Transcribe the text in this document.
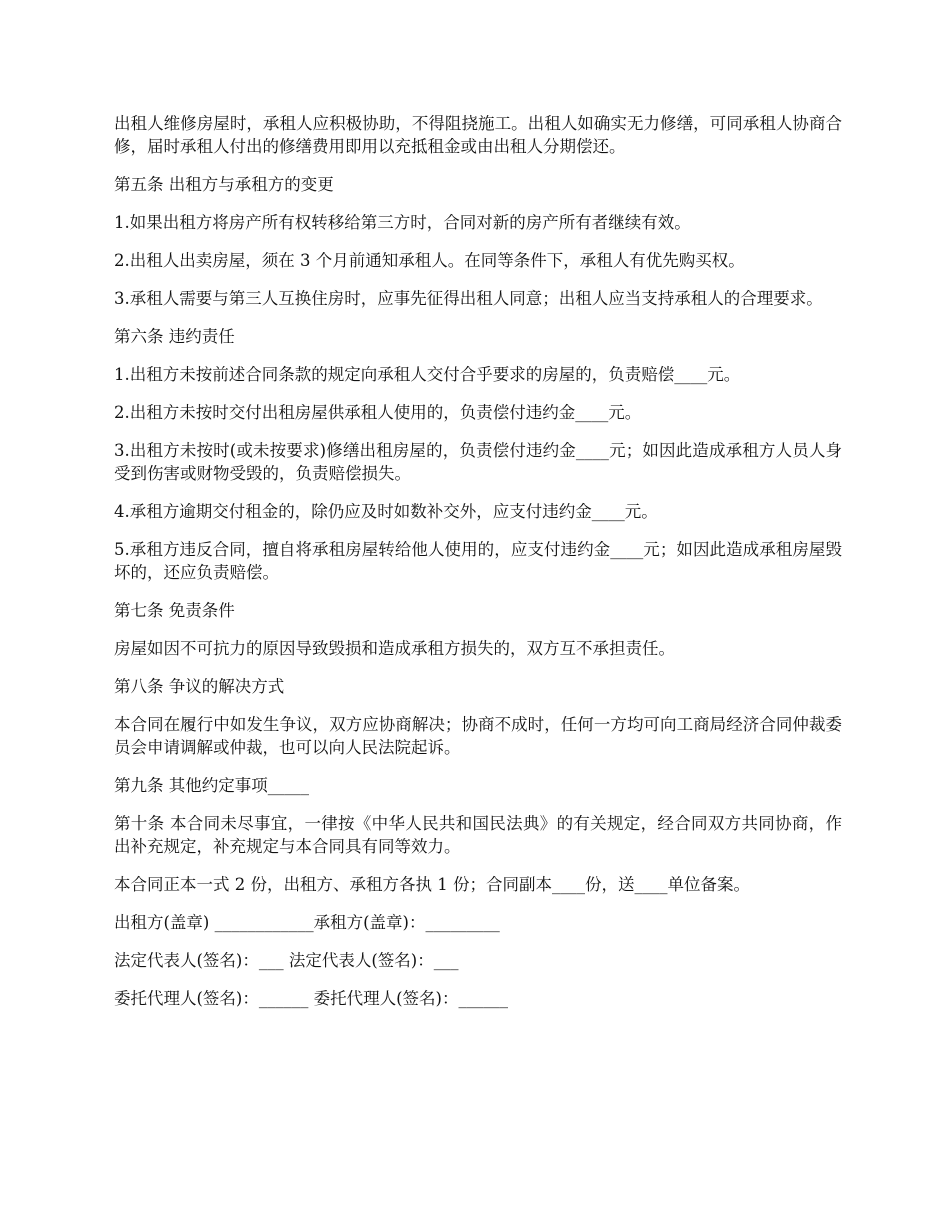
出租人维修房屋时，承租人应积极协助，不得阻挠施工。出租人如确实无力修缮，可同承租人协商合修，届时承租人付出的修缮费用即用以充抵租金或由出租人分期偿还。

第五条 出租方与承租方的变更

1.如果出租方将房产所有权转移给第三方时，合同对新的房产所有者继续有效。

2.出租人出卖房屋，须在 3 个月前通知承租人。在同等条件下，承租人有优先购买权。

3.承租人需要与第三人互换住房时，应事先征得出租人同意；出租人应当支持承租人的合理要求。

第六条 违约责任

1.出租方未按前述合同条款的规定向承租人交付合乎要求的房屋的，负责赔偿____元。

2.出租方未按时交付出租房屋供承租人使用的，负责偿付违约金____元。

3.出租方未按时(或未按要求)修缮出租房屋的，负责偿付违约金____元；如因此造成承租方人员人身受到伤害或财物受毁的，负责赔偿损失。

4.承租方逾期交付租金的，除仍应及时如数补交外，应支付违约金____元。

5.承租方违反合同，擅自将承租房屋转给他人使用的，应支付违约金____元；如因此造成承租房屋毁坏的，还应负责赔偿。

第七条 免责条件

房屋如因不可抗力的原因导致毁损和造成承租方损失的，双方互不承担责任。

第八条 争议的解决方式

本合同在履行中如发生争议，双方应协商解决；协商不成时，任何一方均可向工商局经济合同仲裁委员会申请调解或仲裁，也可以向人民法院起诉。

第九条 其他约定事项_____

第十条 本合同未尽事宜，一律按《中华人民共和国民法典》的有关规定，经合同双方共同协商，作出补充规定，补充规定与本合同具有同等效力。

本合同正本一式 2 份，出租方、承租方各执 1 份；合同副本____份，送____单位备案。

出租方(盖章) ____________承租方(盖章)：_________

法定代表人(签名)：___ 法定代表人(签名)：___

委托代理人(签名)：______ 委托代理人(签名)：______
